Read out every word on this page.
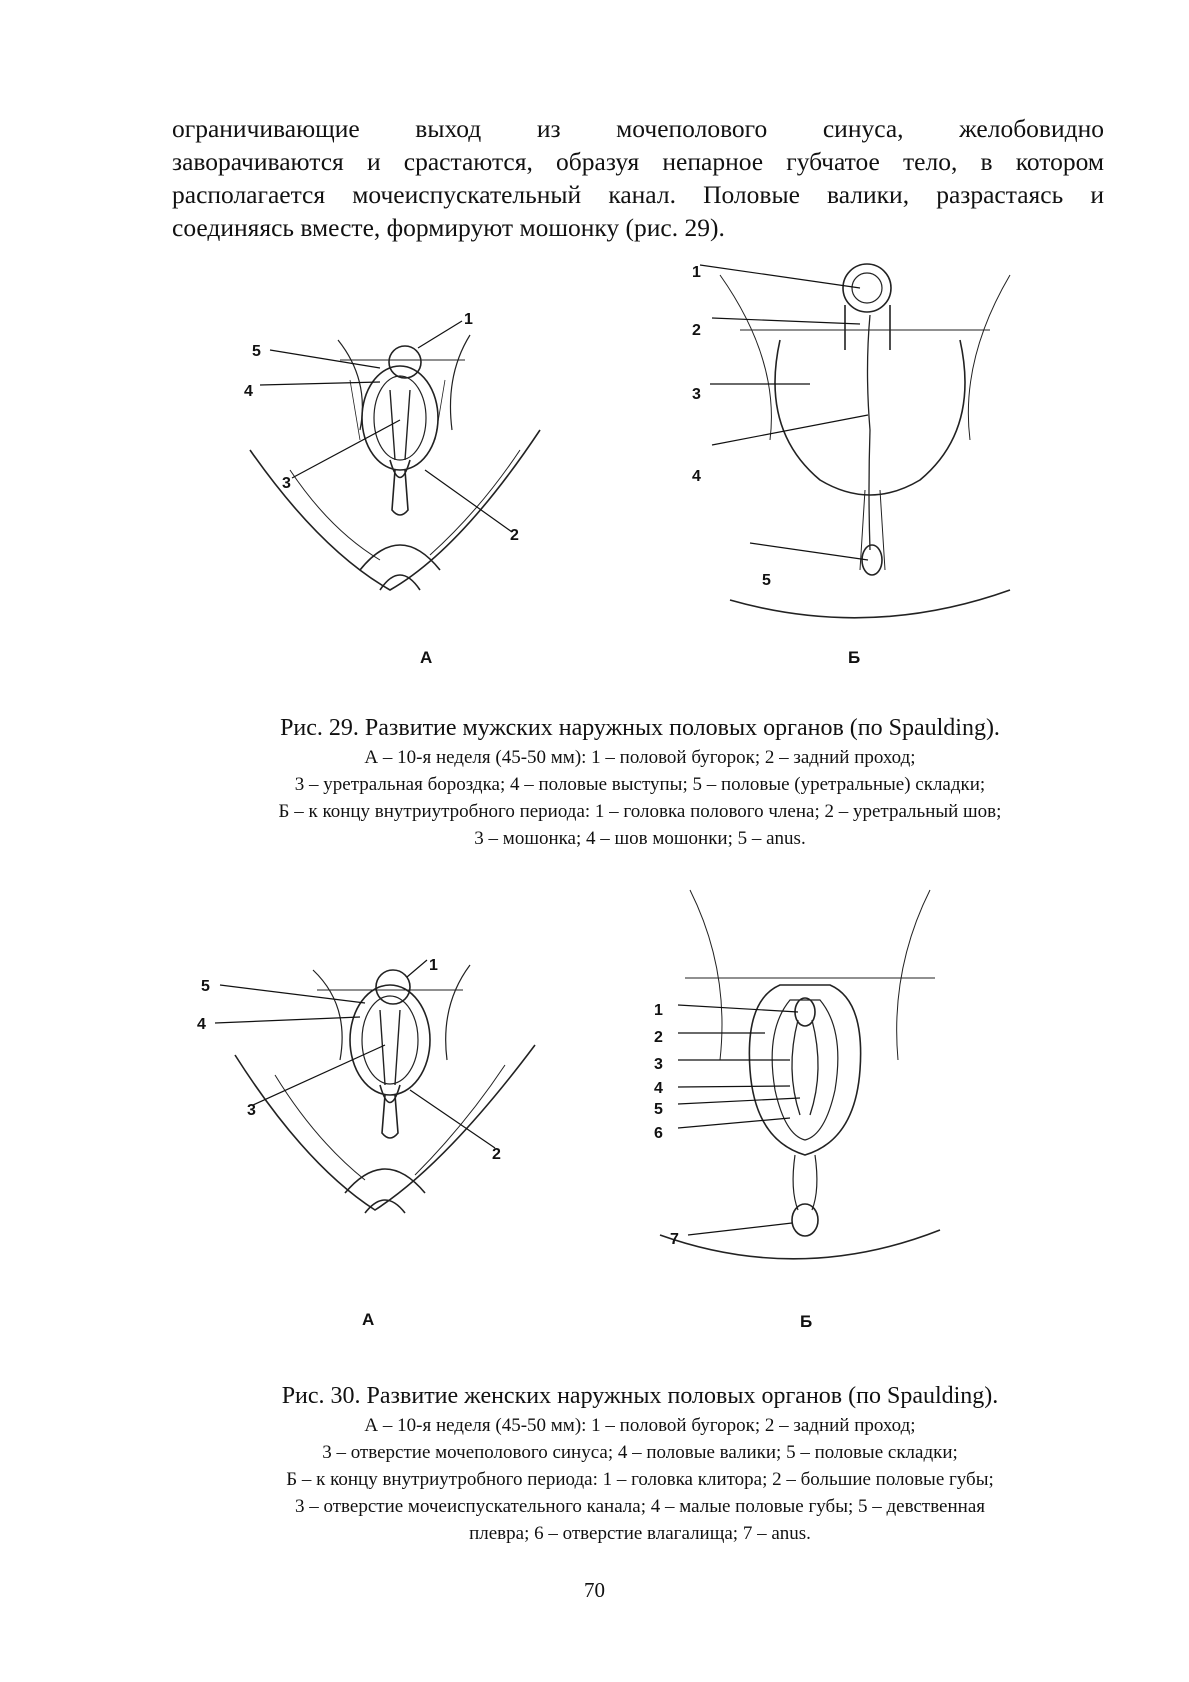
ограничивающие выход из мочеполового синуса, желобовидно
заворачиваются и срастаются, образуя непарное губчатое тело, в котором
располагается мочеиспускательный канал. Половые валики, разрастаясь и
соединяясь вместе, формируют мошонку (рис. 29).
1
2
3
4
5
А
1
2
3
4
5
Б
Рис. 29. Развитие мужских наружных половых органов (по Spaulding).
А – 10-я неделя (45-50 мм): 1 – половой бугорок; 2 – задний проход;
3 – уретральная бороздка; 4 – половые выступы; 5 – половые (уретральные) складки;
Б – к концу внутриутробного периода: 1 – головка полового члена; 2 – уретральный шов;
3 – мошонка; 4 – шов мошонки; 5 – anus.
5
4
3
2
1
А
1
2
3
4
5
6
7
Б
Рис. 30. Развитие женских наружных половых органов (по Spaulding).
А – 10-я неделя (45-50 мм): 1 – половой бугорок; 2 – задний проход;
3 – отверстие мочеполового синуса; 4 – половые валики; 5 – половые складки;
Б – к концу внутриутробного периода: 1 – головка клитора; 2 – большие половые губы;
3 – отверстие мочеиспускательного канала; 4 – малые половые губы; 5 – девственная
плевра; 6 – отверстие влагалища; 7 – anus.
70
